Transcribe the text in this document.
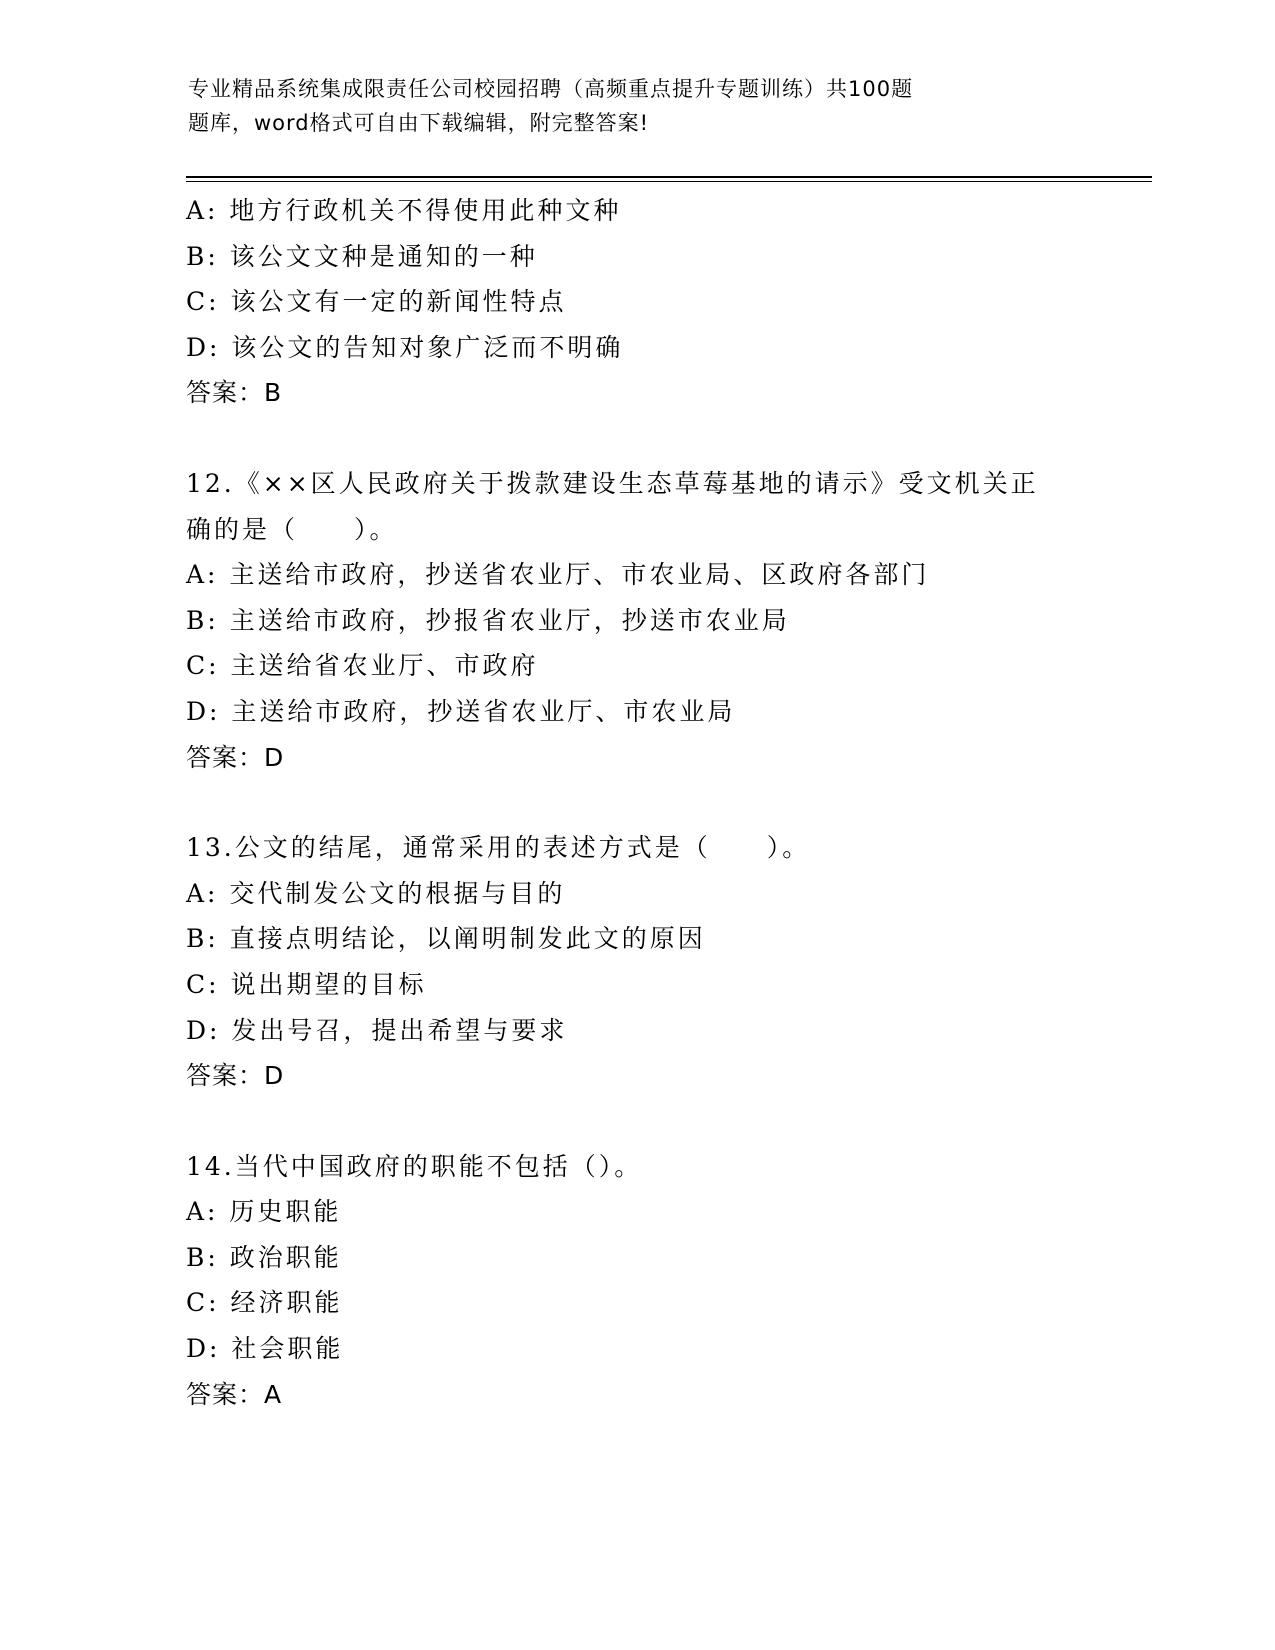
专业精品系统集成限责任公司校园招聘（高频重点提升专题训练）共100题
题库，word格式可自由下载编辑，附完整答案!
A: 地方行政机关不得使用此种文种
B: 该公文文种是通知的一种
C: 该公文有一定的新闻性特点
D: 该公文的告知对象广泛而不明确
答案：B
12.《××区人民政府关于拨款建设生态草莓基地的请示》受文机关正
确的是（　　）。
A: 主送给市政府，抄送省农业厅、市农业局、区政府各部门
B: 主送给市政府，抄报省农业厅，抄送市农业局
C: 主送给省农业厅、市政府
D: 主送给市政府，抄送省农业厅、市农业局
答案：D
13.公文的结尾，通常采用的表述方式是（　　）。
A: 交代制发公文的根据与目的
B: 直接点明结论，以阐明制发此文的原因
C: 说出期望的目标
D: 发出号召，提出希望与要求
答案：D
14.当代中国政府的职能不包括（）。
A: 历史职能
B: 政治职能
C: 经济职能
D: 社会职能
答案：A
